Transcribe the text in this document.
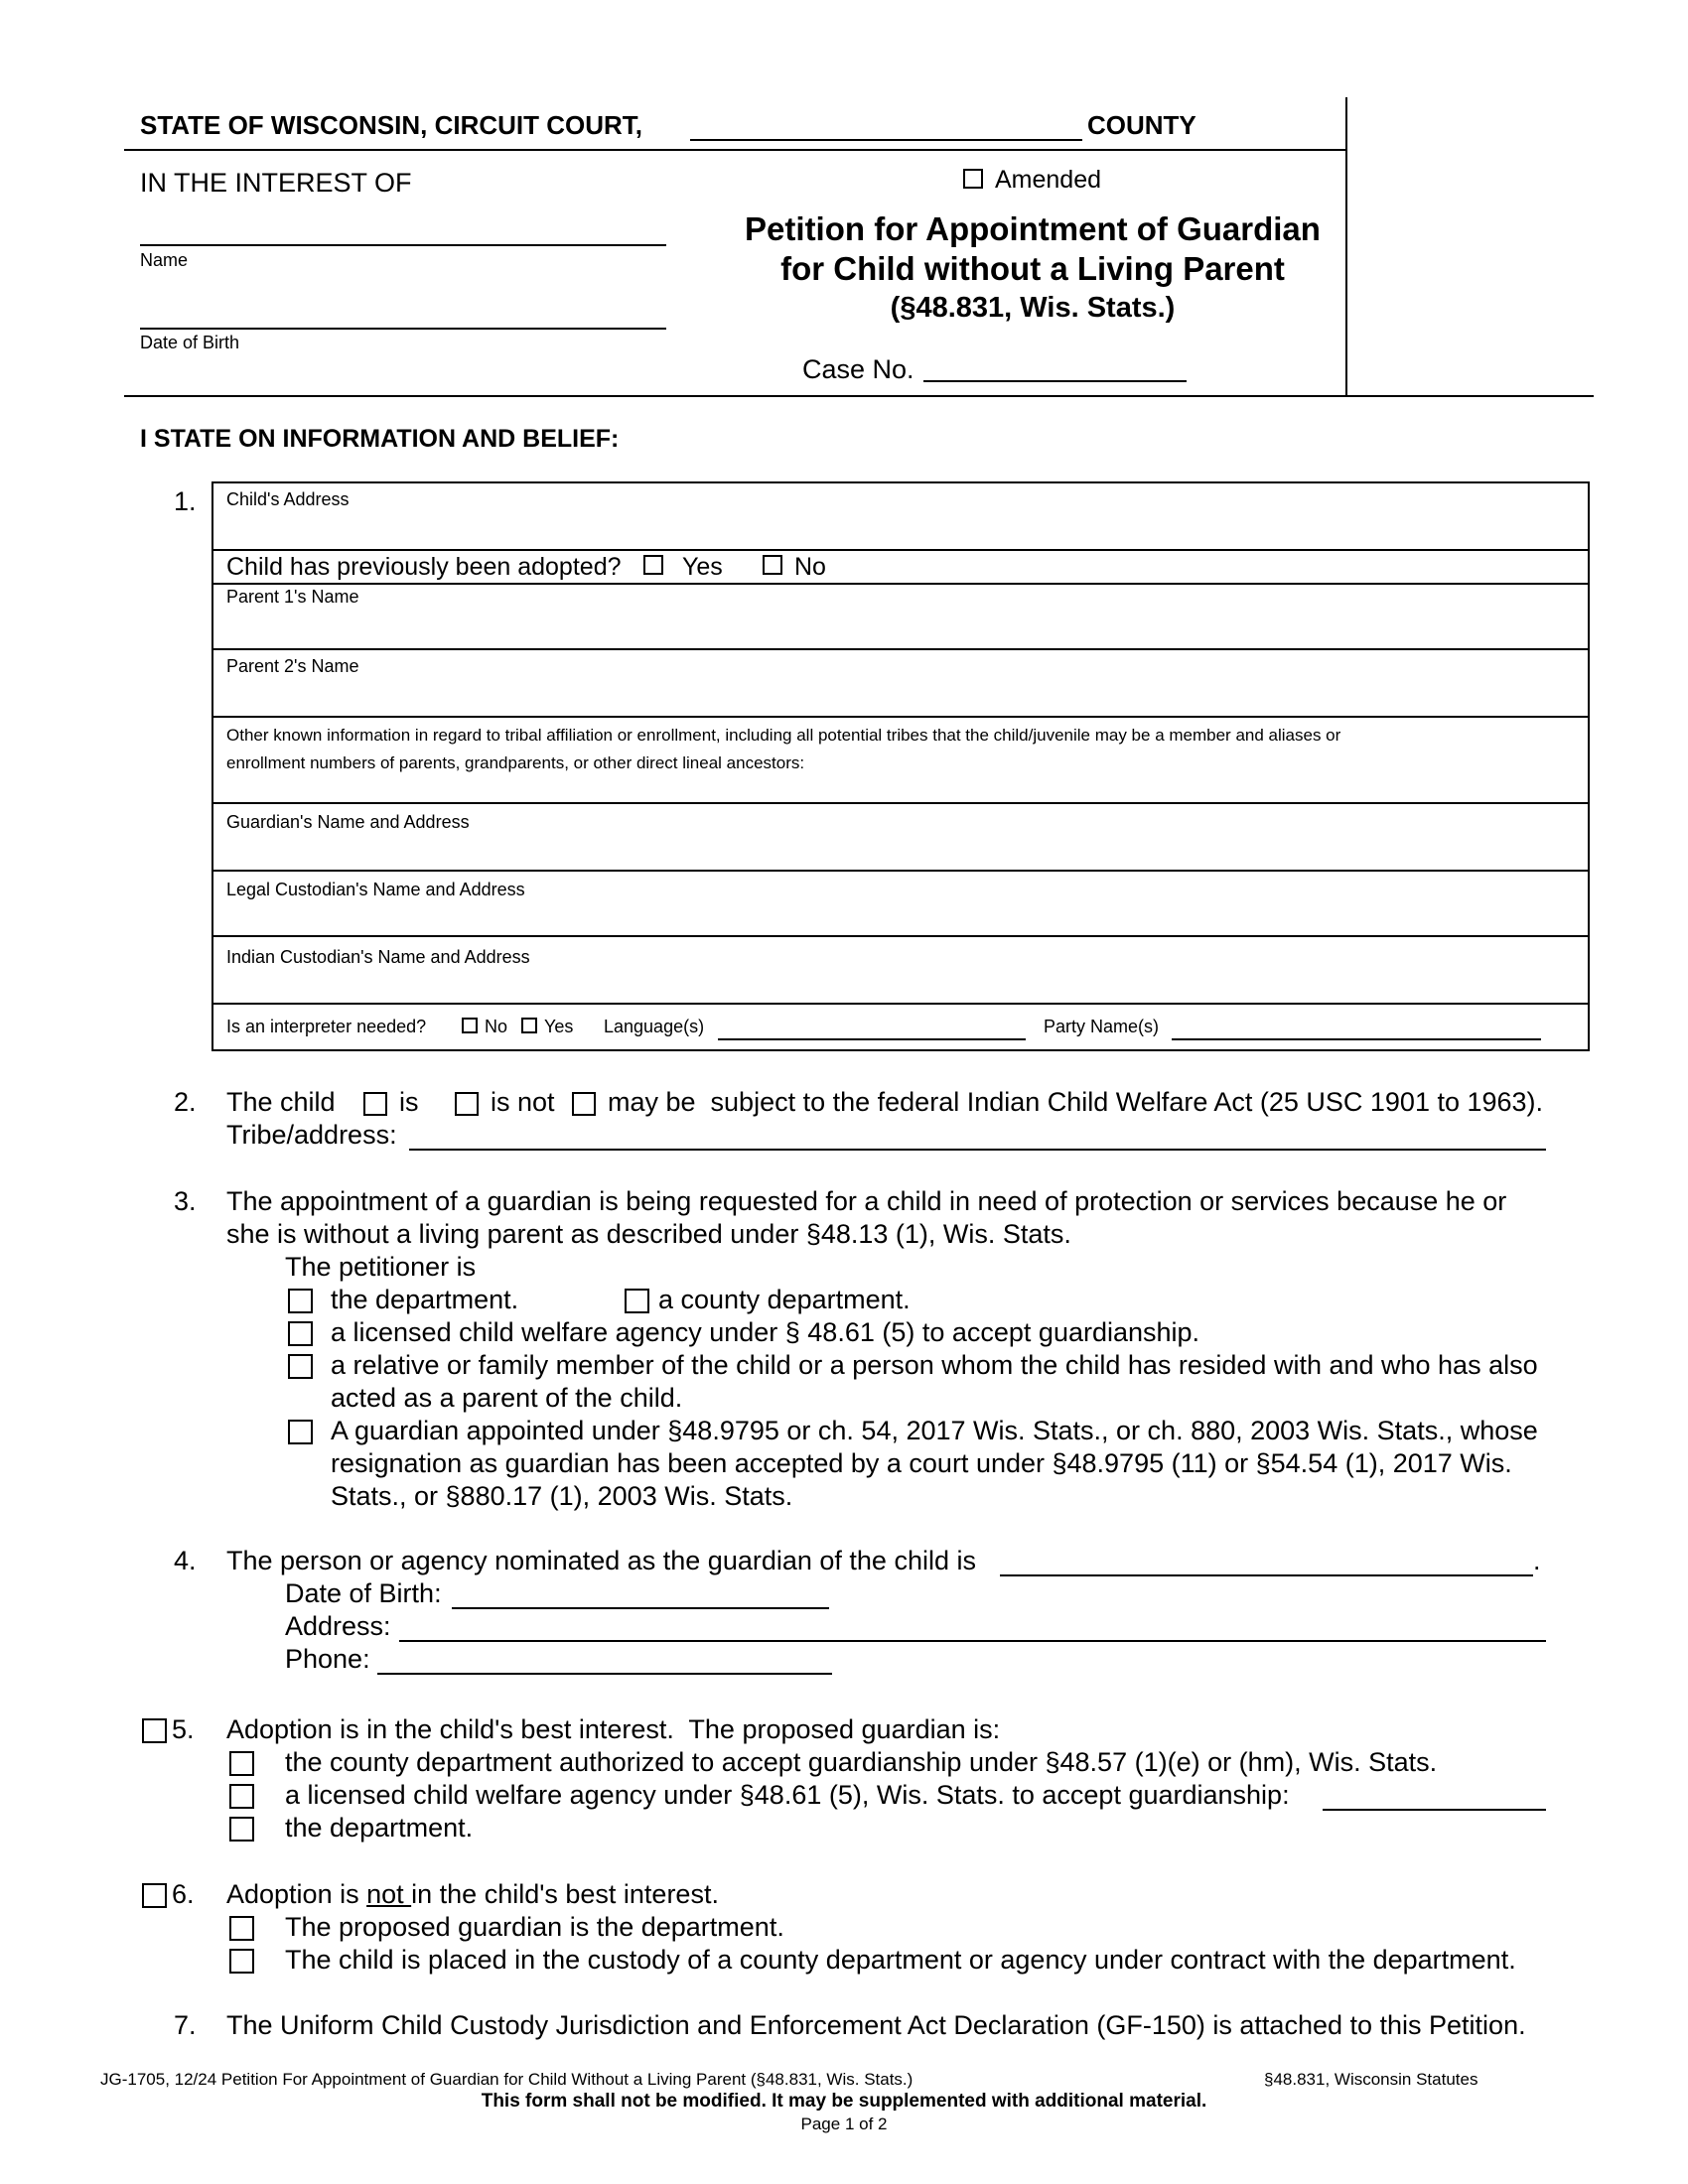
STATE OF WISCONSIN, CIRCUIT COURT,	COUNTY
IN THE INTEREST OF
Name
Date of Birth
Amended
Petition for Appointment of Guardian
for Child without a Living Parent
(§48.831, Wis. Stats.)
Case No.
I STATE ON INFORMATION AND BELIEF:
1. Child's Address
Child has previously been adopted? Yes	No
Parent 1's Name
Parent 2's Name
Other known information in regard to tribal affiliation or enrollment, including all potential tribes that the child/juvenile may be a member and aliases or
enrollment numbers of parents, grandparents, or other direct lineal ancestors:
Guardian's Name and Address
Legal Custodian's Name and Address
Indian Custodian's Name and Address
Is an interpreter needed?	No Yes Language(s)	Party Name(s)
2. The child is	is not may be  subject to the federal Indian Child Welfare Act (25 USC 1901 to 1963).
Tribe/address:
3. The appointment of a guardian is being requested for a child in need of protection or services because he or
she is without a living parent as described under §48.13 (1), Wis. Stats.
The petitioner is
the department.	a county department.
a licensed child welfare agency under § 48.61 (5) to accept guardianship.
a relative or family member of the child or a person whom the child has resided with and who has also
acted as a parent of the child.
A guardian appointed under §48.9795 or ch. 54, 2017 Wis. Stats., or ch. 880, 2003 Wis. Stats., whose
resignation as guardian has been accepted by a court under §48.9795 (11) or §54.54 (1), 2017 Wis.
Stats., or §880.17 (1), 2003 Wis. Stats.
4. The person or agency nominated as the guardian of the child is	.
Date of Birth:
Address:
Phone:
5. Adoption is in the child's best interest.  The proposed guardian is:
the county department authorized to accept guardianship under §48.57 (1)(e) or (hm), Wis. Stats.
a licensed child welfare agency under §48.61 (5), Wis. Stats. to accept guardianship:
the department.
6. Adoption is not in the child's best interest.
The proposed guardian is the department.
The child is placed in the custody of a county department or agency under contract with the department.
7. The Uniform Child Custody Jurisdiction and Enforcement Act Declaration (GF-150) is attached to this Petition.
JG-1705, 12/24 Petition For Appointment of Guardian for Child Without a Living Parent (§48.831, Wis. Stats.)	§48.831, Wisconsin Statutes
This form shall not be modified. It may be supplemented with additional material.
Page 1 of 2
